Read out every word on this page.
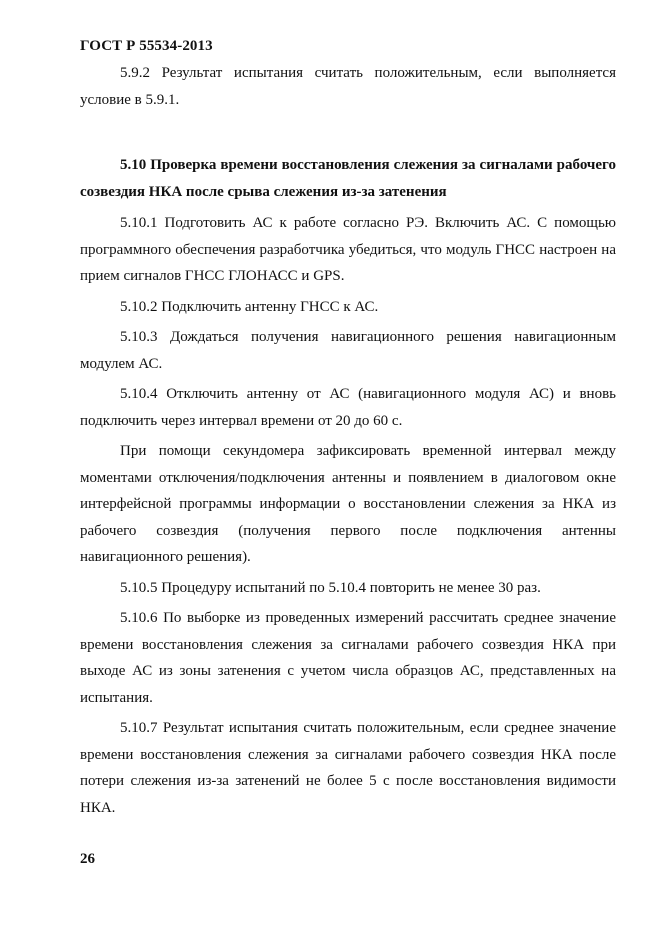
ГОСТ Р 55534-2013

5.9.2 Результат испытания считать положительным, если выполняется условие в 5.9.1.

5.10 Проверка времени восстановления слежения за сигналами рабочего созвездия НКА после срыва слежения из-за затенения

5.10.1 Подготовить АС к работе согласно РЭ. Включить АС. С помощью программного обеспечения разработчика убедиться, что модуль ГНСС настроен на прием сигналов ГНСС ГЛОНАСС и GPS.

5.10.2 Подключить антенну ГНСС к АС.

5.10.3 Дождаться получения навигационного решения навигационным модулем АС.

5.10.4 Отключить антенну от АС (навигационного модуля АС) и вновь подключить через интервал времени от 20 до 60 с.

При помощи секундомера зафиксировать временной интервал между моментами отключения/подключения антенны и появлением в диалоговом окне интерфейсной программы информации о восстановлении слежения за НКА из рабочего созвездия (получения первого после подключения антенны навигационного решения).

5.10.5 Процедуру испытаний по 5.10.4 повторить не менее 30 раз.

5.10.6 По выборке из проведенных измерений рассчитать среднее значение времени восстановления слежения за сигналами рабочего созвездия НКА при выходе АС из зоны затенения с учетом числа образцов АС, представленных на испытания.

5.10.7 Результат испытания считать положительным, если среднее значение времени восстановления слежения за сигналами рабочего созвездия НКА после потери слежения из-за затенений не более 5 с после восстановления видимости НКА.

26
